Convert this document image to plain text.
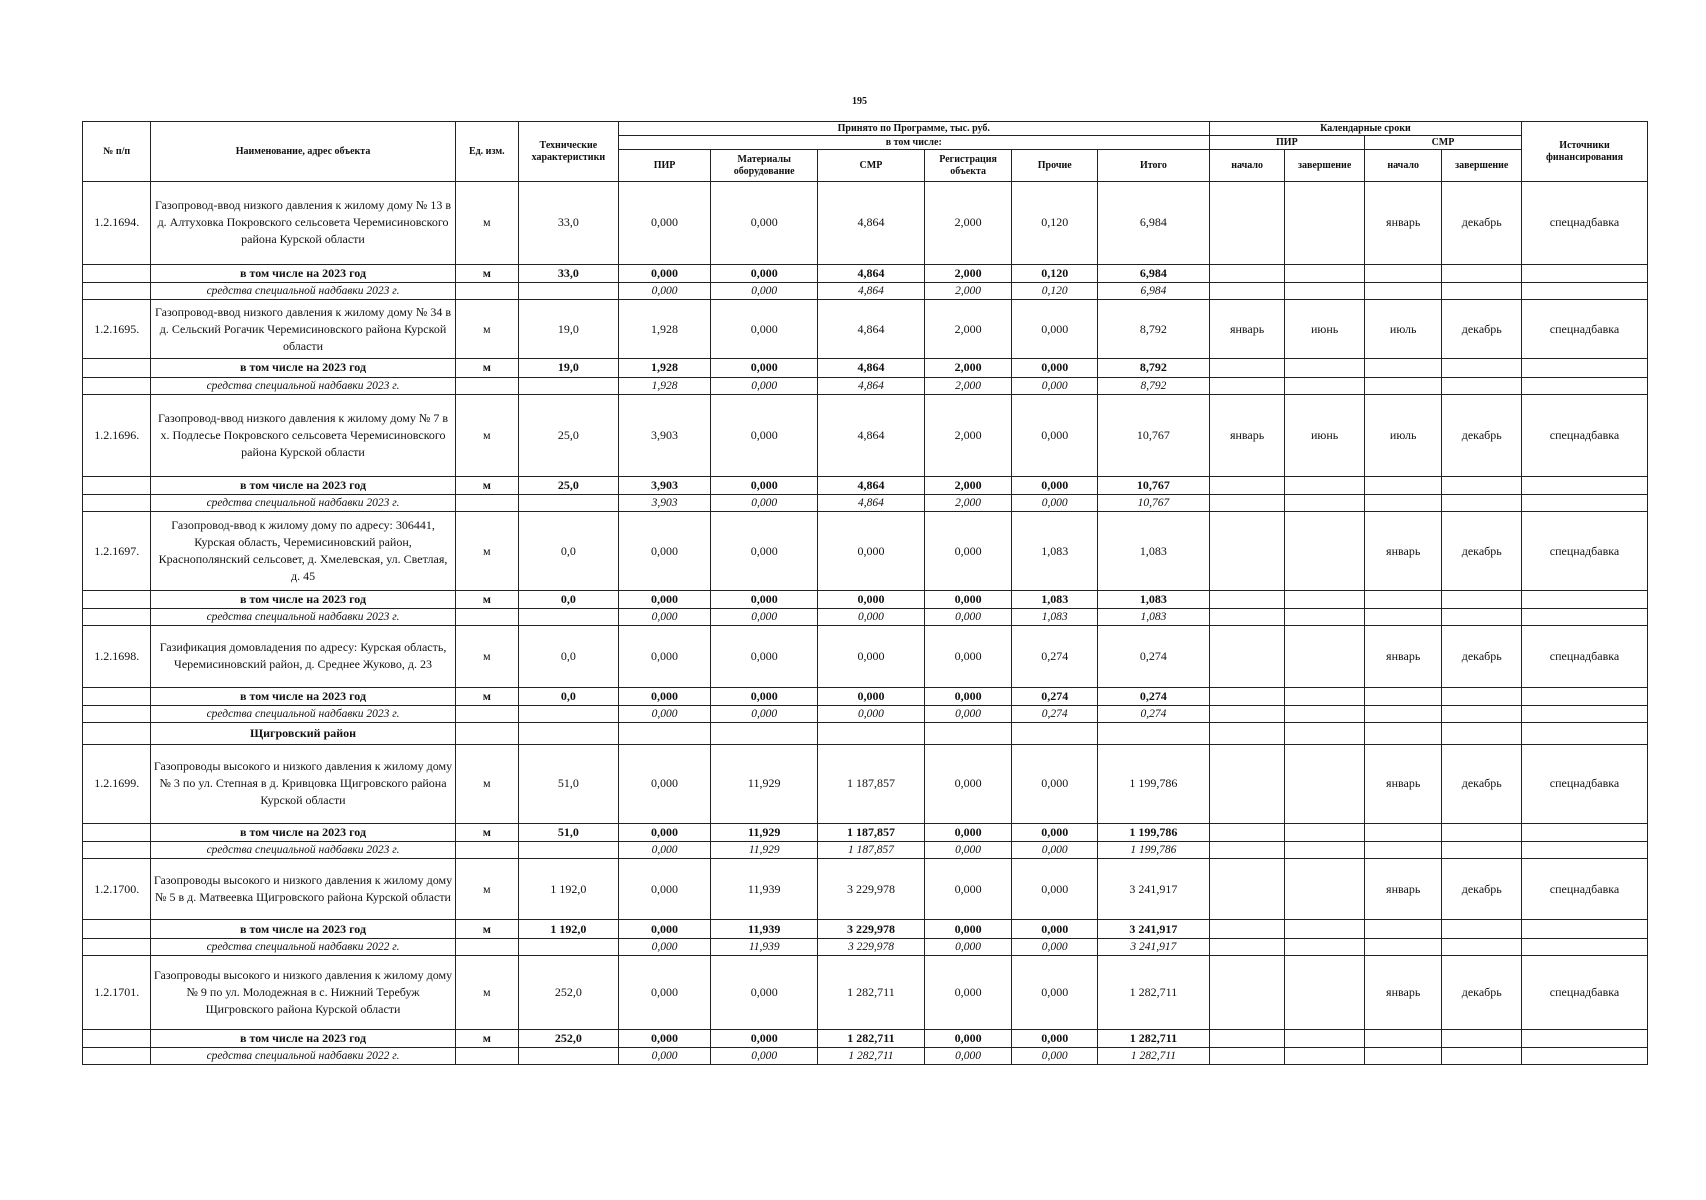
195
№ п/п	Наименование, адрес объекта	Ед. изм.	Технические характеристики	Принято по Программе, тыс. руб.						Календарные сроки				Источники финансирования
				в том числе:						ПИР		СМР		
				ПИР	Материалы оборудование	СМР	Регистрация объекта	Прочие	Итого	начало	завершение	начало	завершение	
1.2.1694.	Газопровод-ввод низкого давления к жилому дому № 13 в д. Алтуховка Покровского сельсовета Черемисиновского района Курской области	м	33,0	0,000	0,000	4,864	2,000	0,120	6,984			январь	декабрь	спецнадбавка
	в том числе на 2023 год	м	33,0	0,000	0,000	4,864	2,000	0,120	6,984					
	средства специальной надбавки 2023 г.			0,000	0,000	4,864	2,000	0,120	6,984					
1.2.1695.	Газопровод-ввод низкого давления к жилому дому № 34 в д. Сельский Рогачик Черемисиновского района Курской области	м	19,0	1,928	0,000	4,864	2,000	0,000	8,792	январь	июнь	июль	декабрь	спецнадбавка
	в том числе на 2023 год	м	19,0	1,928	0,000	4,864	2,000	0,000	8,792					
	средства специальной надбавки 2023 г.			1,928	0,000	4,864	2,000	0,000	8,792					
1.2.1696.	Газопровод-ввод низкого давления к жилому дому № 7 в х. Подлесье Покровского сельсовета Черемисиновского района Курской области	м	25,0	3,903	0,000	4,864	2,000	0,000	10,767	январь	июнь	июль	декабрь	спецнадбавка
	в том числе на 2023 год	м	25,0	3,903	0,000	4,864	2,000	0,000	10,767					
	средства специальной надбавки 2023 г.			3,903	0,000	4,864	2,000	0,000	10,767					
1.2.1697.	Газопровод-ввод к жилому дому по адресу: 306441, Курская область, Черемисиновский район, Краснополянский сельсовет, д. Хмелевская, ул. Светлая, д. 45	м	0,0	0,000	0,000	0,000	0,000	1,083	1,083			январь	декабрь	спецнадбавка
	в том числе на 2023 год	м	0,0	0,000	0,000	0,000	0,000	1,083	1,083					
	средства специальной надбавки 2023 г.			0,000	0,000	0,000	0,000	1,083	1,083					
1.2.1698.	Газификация домовладения по адресу: Курская область, Черемисиновский район, д. Среднее Жуково, д. 23	м	0,0	0,000	0,000	0,000	0,000	0,274	0,274			январь	декабрь	спецнадбавка
	в том числе на 2023 год	м	0,0	0,000	0,000	0,000	0,000	0,274	0,274					
	средства специальной надбавки 2023 г.			0,000	0,000	0,000	0,000	0,274	0,274					
	Щигровский район													
1.2.1699.	Газопроводы высокого и низкого давления к жилому дому № 3 по ул. Степная в д. Кривцовка Щигровского района Курской области	м	51,0	0,000	11,929	1 187,857	0,000	0,000	1 199,786			январь	декабрь	спецнадбавка
	в том числе на 2023 год	м	51,0	0,000	11,929	1 187,857	0,000	0,000	1 199,786					
	средства специальной надбавки 2023 г.			0,000	11,929	1 187,857	0,000	0,000	1 199,786					
1.2.1700.	Газопроводы высокого и низкого давления к жилому дому № 5 в д. Матвеевка Щигровского района Курской области	м	1 192,0	0,000	11,939	3 229,978	0,000	0,000	3 241,917			январь	декабрь	спецнадбавка
	в том числе на 2023 год	м	1 192,0	0,000	11,939	3 229,978	0,000	0,000	3 241,917					
	средства специальной надбавки 2022 г.			0,000	11,939	3 229,978	0,000	0,000	3 241,917					
1.2.1701.	Газопроводы высокого и низкого давления к жилому дому № 9 по ул. Молодежная в с. Нижний Теребуж Щигровского района Курской области	м	252,0	0,000	0,000	1 282,711	0,000	0,000	1 282,711			январь	декабрь	спецнадбавка
	в том числе на 2023 год	м	252,0	0,000	0,000	1 282,711	0,000	0,000	1 282,711					
	средства специальной надбавки 2022 г.			0,000	0,000	1 282,711	0,000	0,000	1 282,711					
